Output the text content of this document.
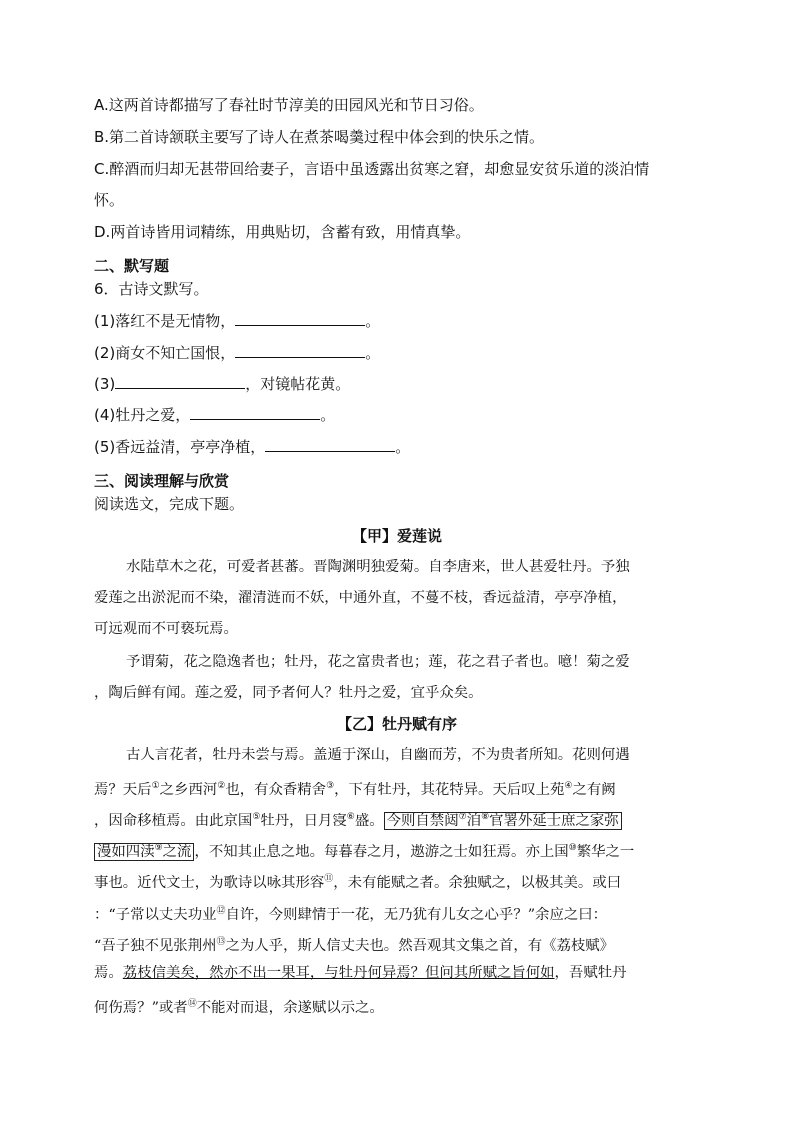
A.这两首诗都描写了春社时节淳美的田园风光和节日习俗。
B.第二首诗颔联主要写了诗人在煮茶喝羹过程中体会到的快乐之情。
C.醉酒而归却无甚带回给妻子，言语中虽透露出贫寒之窘，却愈显安贫乐道的淡泊情
怀。
D.两首诗皆用词精练，用典贴切，含蓄有致，用情真挚。
二、默写题
6．古诗文默写。
(1)落红不是无情物，	。
(2)商女不知亡国恨，	。
(3)	，对镜帖花黄。
(4)牡丹之爱，	。
(5)香远益清，亭亭净植，	。
三、阅读理解与欣赏
阅读选文，完成下题。
【甲】爱莲说
水陆草木之花，可爱者甚蕃。晋陶渊明独爱菊。自李唐来，世人甚爱牡丹。予独
爱莲之出淤泥而不染，濯清涟而不妖，中通外直，不蔓不枝，香远益清，亭亭净植，
可远观而不可亵玩焉。
予谓菊，花之隐逸者也；牡丹，花之富贵者也；莲，花之君子者也。噫！菊之爱
，陶后鲜有闻。莲之爱，同予者何人？牡丹之爱，宜乎众矣。
【乙】牡丹赋有序
古人言花者，牡丹未尝与焉。盖遁于深山，自幽而芳，不为贵者所知。花则何遇
焉？天后①之乡西河②也，有众香精舍③，下有牡丹，其花特异。天后叹上苑④之有阙
，因命移植焉。由此京国⑤牡丹，日月寖⑥盛。 今则自禁闼⑦洎⑧官署外延士庶之家弥
漫如四渎⑨之流 ，不知其止息之地。每暮春之月，遨游之士如狂焉。亦上国⑩繁华之一
事也。近代文士，为歌诗以咏其形容⑪，未有能赋之者。余独赋之，以极其美。或曰
：“子常以丈夫功业⑫自许，今则肆情于一花，无乃犹有儿女之心乎？”余应之曰：
“吾子独不见张荆州⑬之为人乎，斯人信丈夫也。然吾观其文集之首，有《荔枝赋》
焉。荔枝信美矣，然亦不出一果耳，与牡丹何异焉？但问其所赋之旨何如，吾赋牡丹
何伤焉？”或者⑭不能对而退，余遂赋以示之。
